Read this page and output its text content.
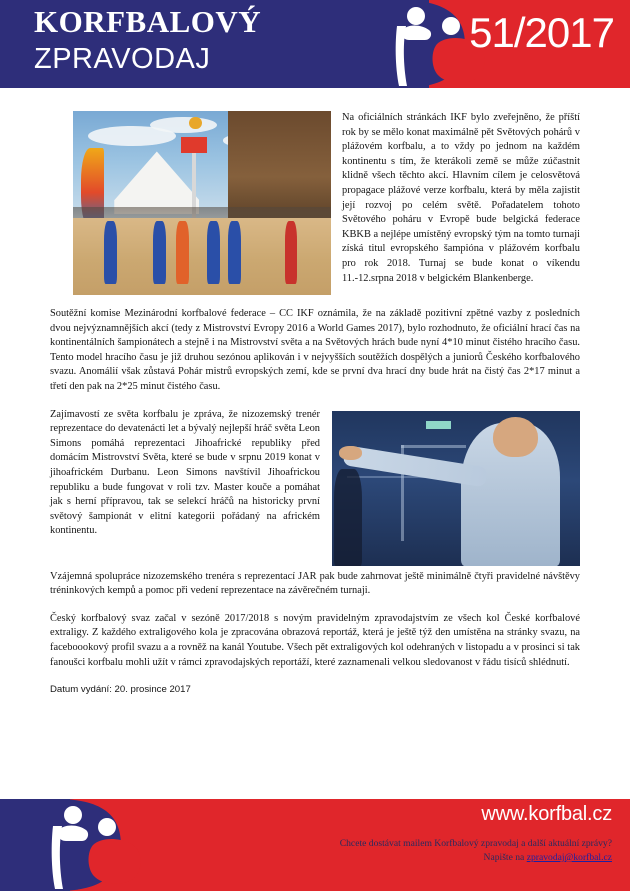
KORFBALOVÝ
ZPRAVODAJ
51/2017

Na oficiálních stránkách IKF bylo zveřejněno, že příští rok by se mělo konat maximálně pět Světových pohárů v plážovém korfbalu, a to vždy po jednom na každém kontinentu s tím, že kterákoli země se může zúčastnit klidně všech těchto akcí. Hlavním cílem je celosvětová propagace plážové verze korfbalu, která by měla zajistit její rozvoj po celém světě. Pořadatelem tohoto Světového poháru v Evropě bude belgická federace KBKB a nejlépe umístěný evropský tým na tomto turnaji získá titul evropského šampióna v plážovém korfbalu pro rok 2018. Turnaj se bude konat o víkendu 11.-12.srpna 2018 v belgickém Blankenberge.

Soutěžní komise Mezinárodní korfbalové federace – CC IKF oznámila, že na základě pozitivní zpětné vazby z posledních dvou nejvýznamnějších akcí (tedy z Mistrovství Evropy 2016 a World Games 2017), bylo rozhodnuto, že oficiální hrací čas na kontinentálních šampionátech a stejně i na Mistrovství světa a na Světových hrách bude nyní 4*10 minut čistého hracího času. Tento model hracího času je již druhou sezónou aplikován i v nejvyšších soutěžích dospělých a juniorů Českého korfbalového svazu. Anomálií však zůstavá Pohár mistrů evropských zemí, kde se první dva hrací dny bude hrát na čistý čas 2*17 minut a třetí den pak na 2*25 minut čistého času.

Zajímavostí ze světa korfbalu je zpráva, že nizozemský trenér reprezentace do devatenácti let a bývalý nejlepší hráč světa Leon Simons pomáhá reprezentaci Jihoafrické republiky před domácím Mistrovství Světa, které se bude v srpnu 2019 konat v jihoafrickém Durbanu. Leon Simons navštívil Jihoafrickou republiku a bude fungovat v roli tzv. Master kouče a pomáhat jak s herní přípravou, tak se selekcí hráčů na historicky první světový šampionát v elitní kategorii pořádaný na africkém kontinentu.

Vzájemná spolupráce nizozemského trenéra s reprezentací JAR pak bude zahrnovat ještě minimálně čtyři pravidelné návštěvy tréninkových kempů a pomoc při vedení reprezentace na závěrečném turnaji.

Český korfbalový svaz začal v sezóně 2017/2018 s novým pravidelným zpravodajstvím ze všech kol České korfbalové extraligy. Z každého extraligového kola je zpracována obrazová reportáž, která je ještě týž den umístěna na stránky svazu, na faceboookový profil svazu a a rovněž na kanál Youtube. Všech pět extraligových kol odehraných v listopadu a v prosinci si tak fanoušci korfbalu mohli užít v rámci zpravodajských reportáží, které zaznamenali velkou sledovanost v řádu tisíců shlédnutí.

Datum vydání: 20. prosince 2017

www.korfbal.cz
Chcete dostávat mailem Korfbalový zpravodaj a další aktuální zprávy?
Napište na zpravodaj@korfbal.cz
